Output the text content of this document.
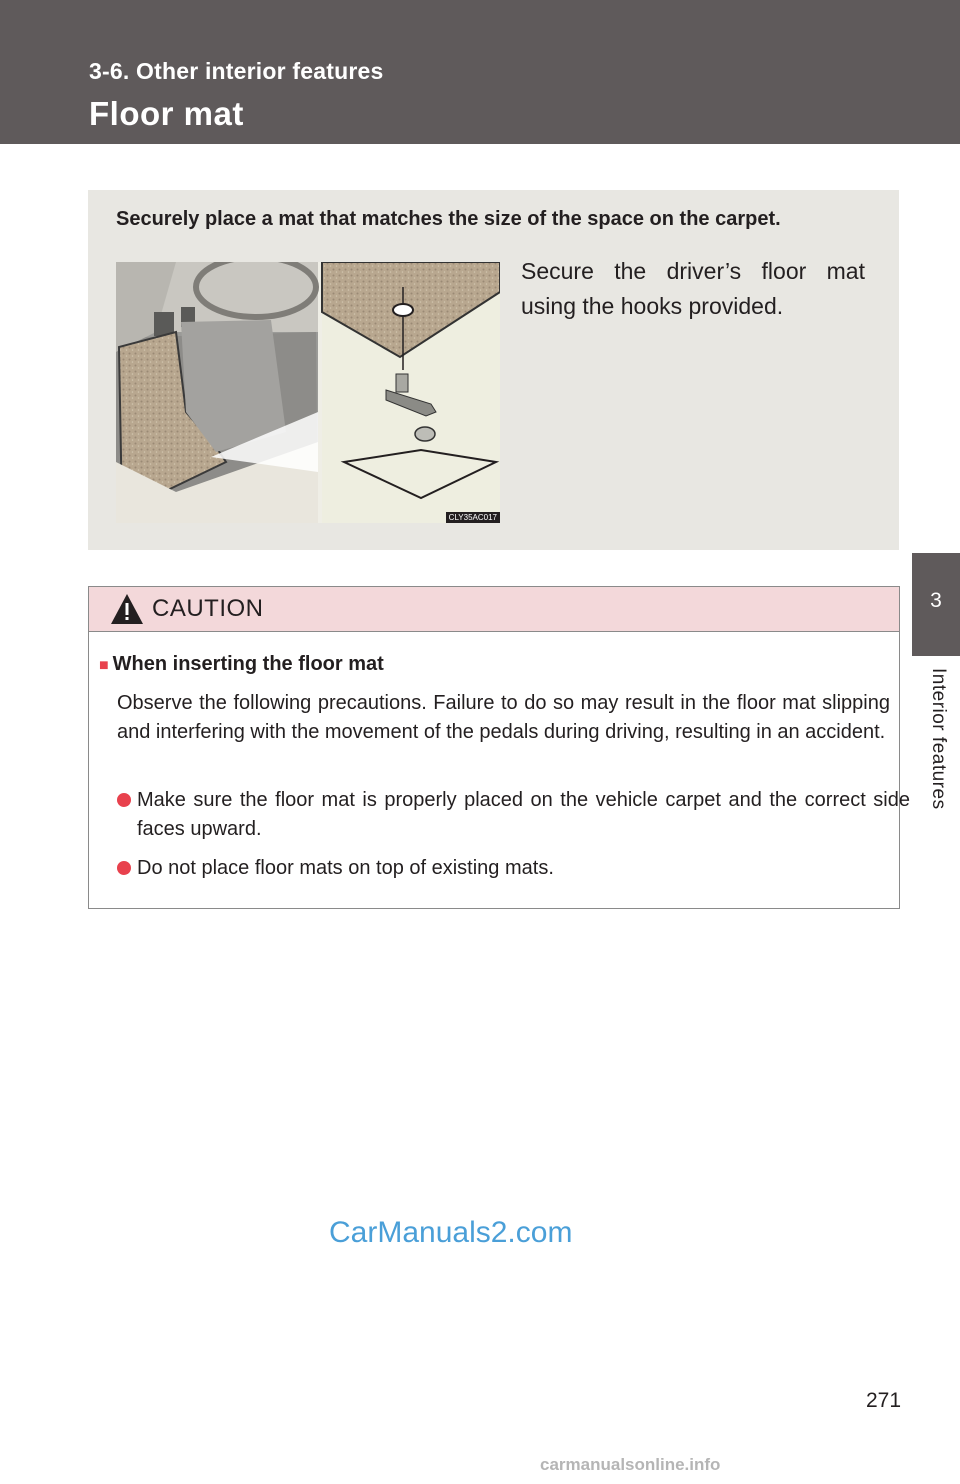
3-6. Other interior features
Floor mat
3
Interior features
Securely place a mat that matches the size of the space on the carpet.
CLY35AC017
Secure the driver’s floor mat using the hooks provided.
CAUTION
■ When inserting the floor mat
Observe the following precautions. Failure to do so may result in the floor mat slipping and interfering with the movement of the pedals during driving, resulting in an accident.
Make sure the floor mat is properly placed on the vehicle carpet and the correct side faces upward.
Do not place floor mats on top of existing mats.
CarManuals2.com
271
carmanualsonline.info
